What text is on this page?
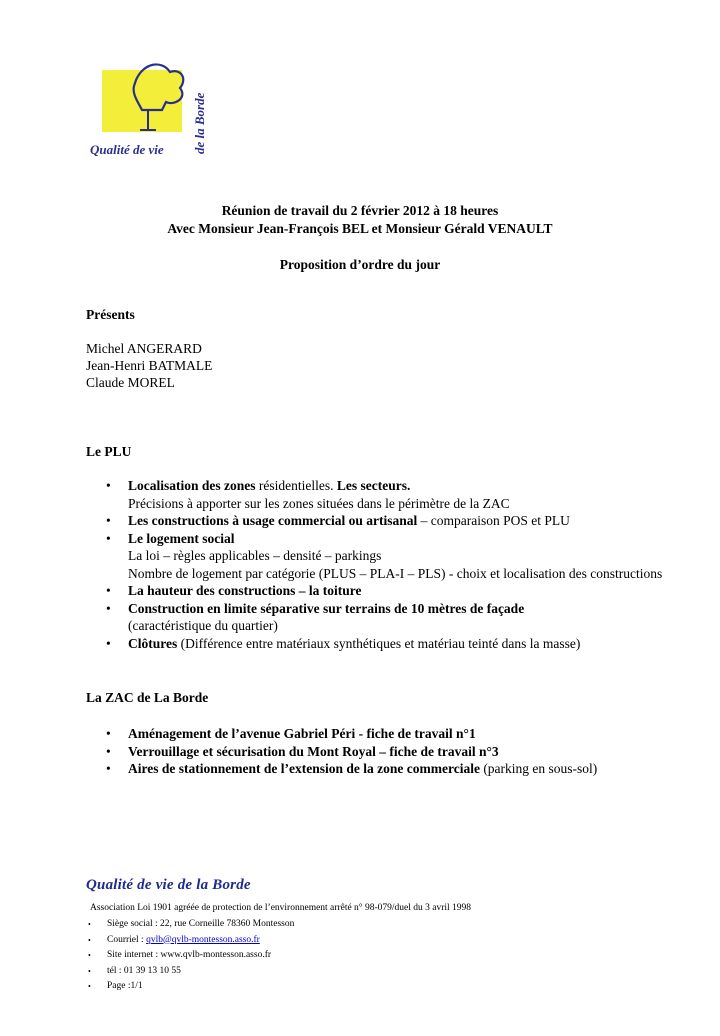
Qualité de vie de la Borde
Réunion de travail du 2 février 2012 à 18 heures
Avec Monsieur Jean-François BEL et Monsieur Gérald VENAULT
Proposition d’ordre du jour
Présents
Michel ANGERARD
Jean-Henri BATMALE
Claude MOREL
Le PLU
• Localisation des zones résidentielles. Les secteurs.
Précisions à apporter sur les zones situées dans le périmètre de la ZAC
• Les constructions à usage commercial ou artisanal – comparaison POS et PLU
• Le logement social
La loi – règles applicables – densité – parkings
Nombre de logement par catégorie (PLUS – PLA-I – PLS) - choix et localisation des constructions
• La hauteur des constructions – la toiture
• Construction en limite séparative sur terrains de 10 mètres de façade
(caractéristique du quartier)
• Clôtures (Différence entre matériaux synthétiques et matériau teinté dans la masse)
La ZAC de La Borde
• Aménagement de l’avenue Gabriel Péri - fiche de travail n°1
• Verrouillage et sécurisation du Mont Royal – fiche de travail n°3
• Aires de stationnement de l’extension de la zone commerciale (parking en sous-sol)
Qualité de vie de la Borde
Association Loi 1901 agréée de protection de l’environnement arrêté n° 98-079/duel du 3 avril 1998
• Siège social : 22, rue Corneille 78360 Montesson
• Courriel : qvlb@qvlb-montesson.asso.fr
• Site internet : www.qvlb-montesson.asso.fr
• tél : 01 39 13 10 55
• Page :1/1
